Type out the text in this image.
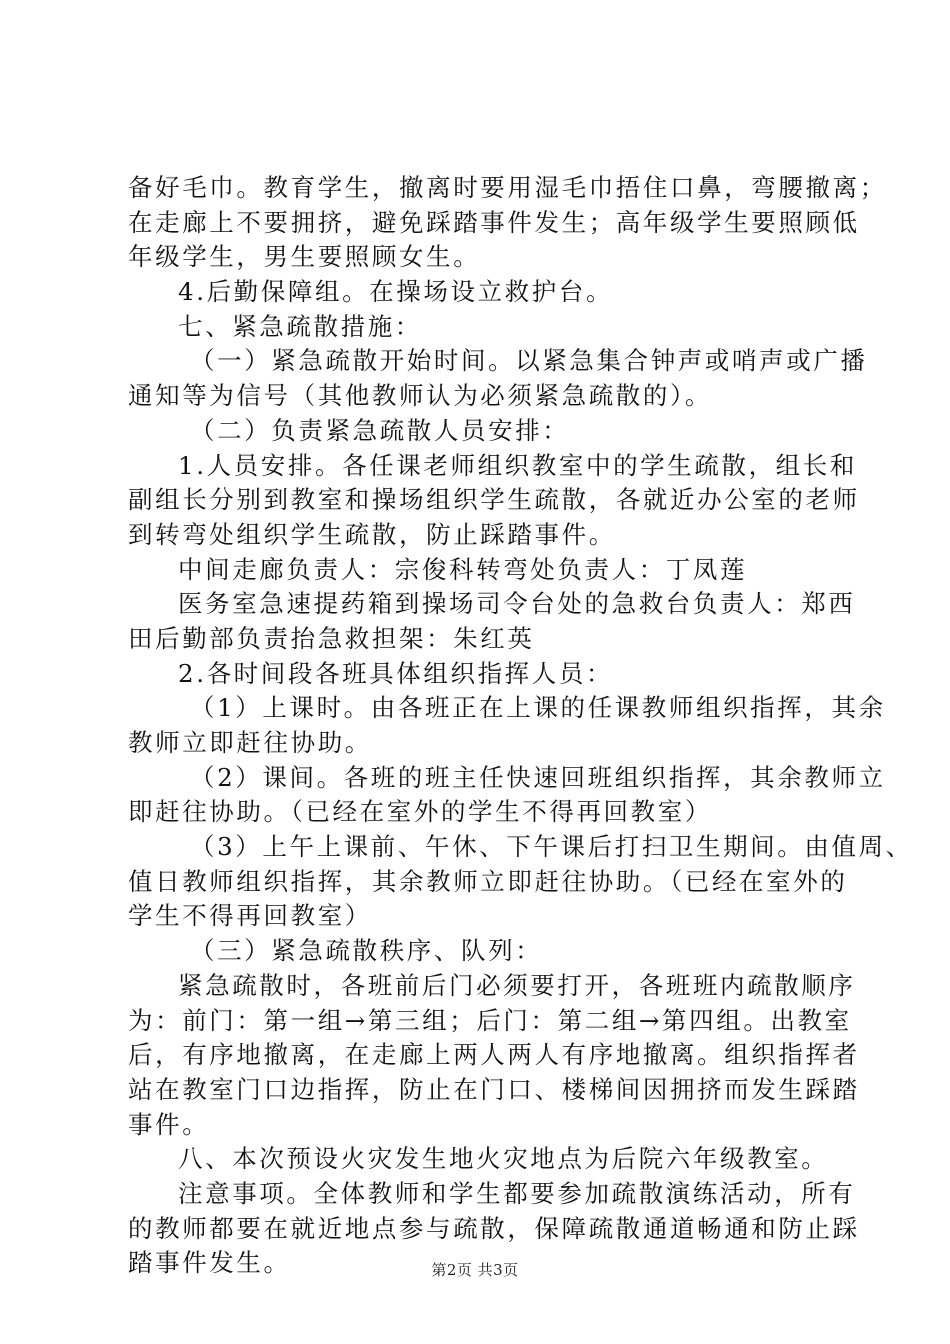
备好毛巾。教育学生，撤离时要用湿毛巾捂住口鼻，弯腰撤离；
在走廊上不要拥挤，避免踩踏事件发生；高年级学生要照顾低
年级学生，男生要照顾女生。
4.后勤保障组。在操场设立救护台。
七、紧急疏散措施：
（一）紧急疏散开始时间。以紧急集合钟声或哨声或广播
通知等为信号（其他教师认为必须紧急疏散的）。
（二）负责紧急疏散人员安排：
1.人员安排。各任课老师组织教室中的学生疏散，组长和
副组长分别到教室和操场组织学生疏散，各就近办公室的老师
到转弯处组织学生疏散，防止踩踏事件。
中间走廊负责人：宗俊科转弯处负责人：丁凤莲
医务室急速提药箱到操场司令台处的急救台负责人：郑西
田后勤部负责抬急救担架：朱红英
2.各时间段各班具体组织指挥人员：
（1）上课时。由各班正在上课的任课教师组织指挥，其余
教师立即赶往协助。
（2）课间。各班的班主任快速回班组织指挥，其余教师立
即赶往协助。（已经在室外的学生不得再回教室）
（3）上午上课前、午休、下午课后打扫卫生期间。由值周、
值日教师组织指挥，其余教师立即赶往协助。（已经在室外的
学生不得再回教室）
（三）紧急疏散秩序、队列：
紧急疏散时，各班前后门必须要打开，各班班内疏散顺序
为：前门：第一组→第三组；后门：第二组→第四组。出教室
后，有序地撤离，在走廊上两人两人有序地撤离。组织指挥者
站在教室门口边指挥，防止在门口、楼梯间因拥挤而发生踩踏
事件。
八、本次预设火灾发生地火灾地点为后院六年级教室。
注意事项。全体教师和学生都要参加疏散演练活动，所有
的教师都要在就近地点参与疏散，保障疏散通道畅通和防止踩
踏事件发生。	第2页 共3页
